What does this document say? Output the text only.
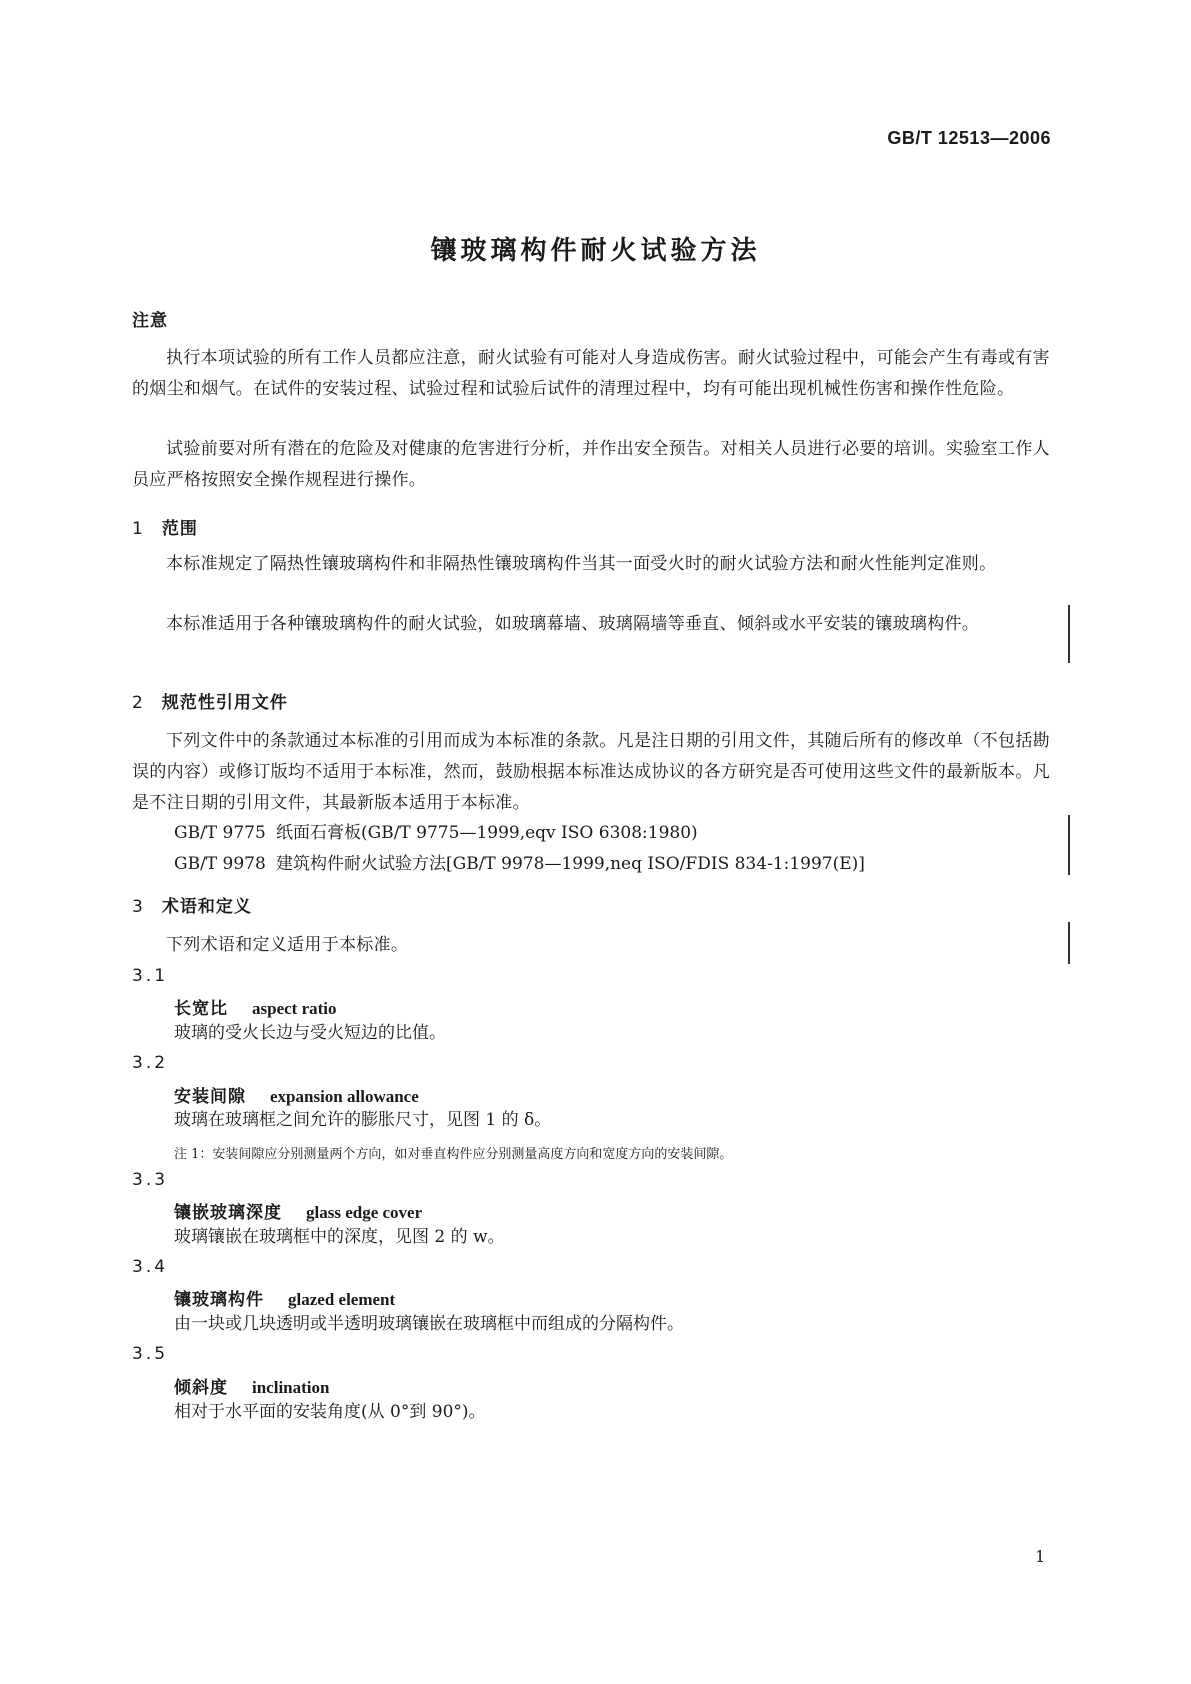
GB/T 12513—2006
镶玻璃构件耐火试验方法
注意
执行本项试验的所有工作人员都应注意，耐火试验有可能对人身造成伤害。耐火试验过程中，可能会产生有毒或有害的烟尘和烟气。在试件的安装过程、试验过程和试验后试件的清理过程中，均有可能出现机械性伤害和操作性危险。
试验前要对所有潜在的危险及对健康的危害进行分析，并作出安全预告。对相关人员进行必要的培训。实验室工作人员应严格按照安全操作规程进行操作。
1 范围
本标准规定了隔热性镶玻璃构件和非隔热性镶玻璃构件当其一面受火时的耐火试验方法和耐火性能判定准则。
本标准适用于各种镶玻璃构件的耐火试验，如玻璃幕墙、玻璃隔墙等垂直、倾斜或水平安装的镶玻璃构件。
2 规范性引用文件
下列文件中的条款通过本标准的引用而成为本标准的条款。凡是注日期的引用文件，其随后所有的修改单（不包括勘误的内容）或修订版均不适用于本标准，然而，鼓励根据本标准达成协议的各方研究是否可使用这些文件的最新版本。凡是不注日期的引用文件，其最新版本适用于本标准。
GB/T 9775 纸面石膏板(GB/T 9775—1999,eqv ISO 6308:1980)
GB/T 9978 建筑构件耐火试验方法[GB/T 9978—1999,neq ISO/FDIS 834-1:1997(E)]
3 术语和定义
下列术语和定义适用于本标准。
3.1
长宽比 aspect ratio
玻璃的受火长边与受火短边的比值。
3.2
安装间隙 expansion allowance
玻璃在玻璃框之间允许的膨胀尺寸，见图 1 的 δ。
注 1：安装间隙应分别测量两个方向，如对垂直构件应分别测量高度方向和宽度方向的安装间隙。
3.3
镶嵌玻璃深度 glass edge cover
玻璃镶嵌在玻璃框中的深度，见图 2 的 w。
3.4
镶玻璃构件 glazed element
由一块或几块透明或半透明玻璃镶嵌在玻璃框中而组成的分隔构件。
3.5
倾斜度 inclination
相对于水平面的安装角度(从 0°到 90°)。
1
